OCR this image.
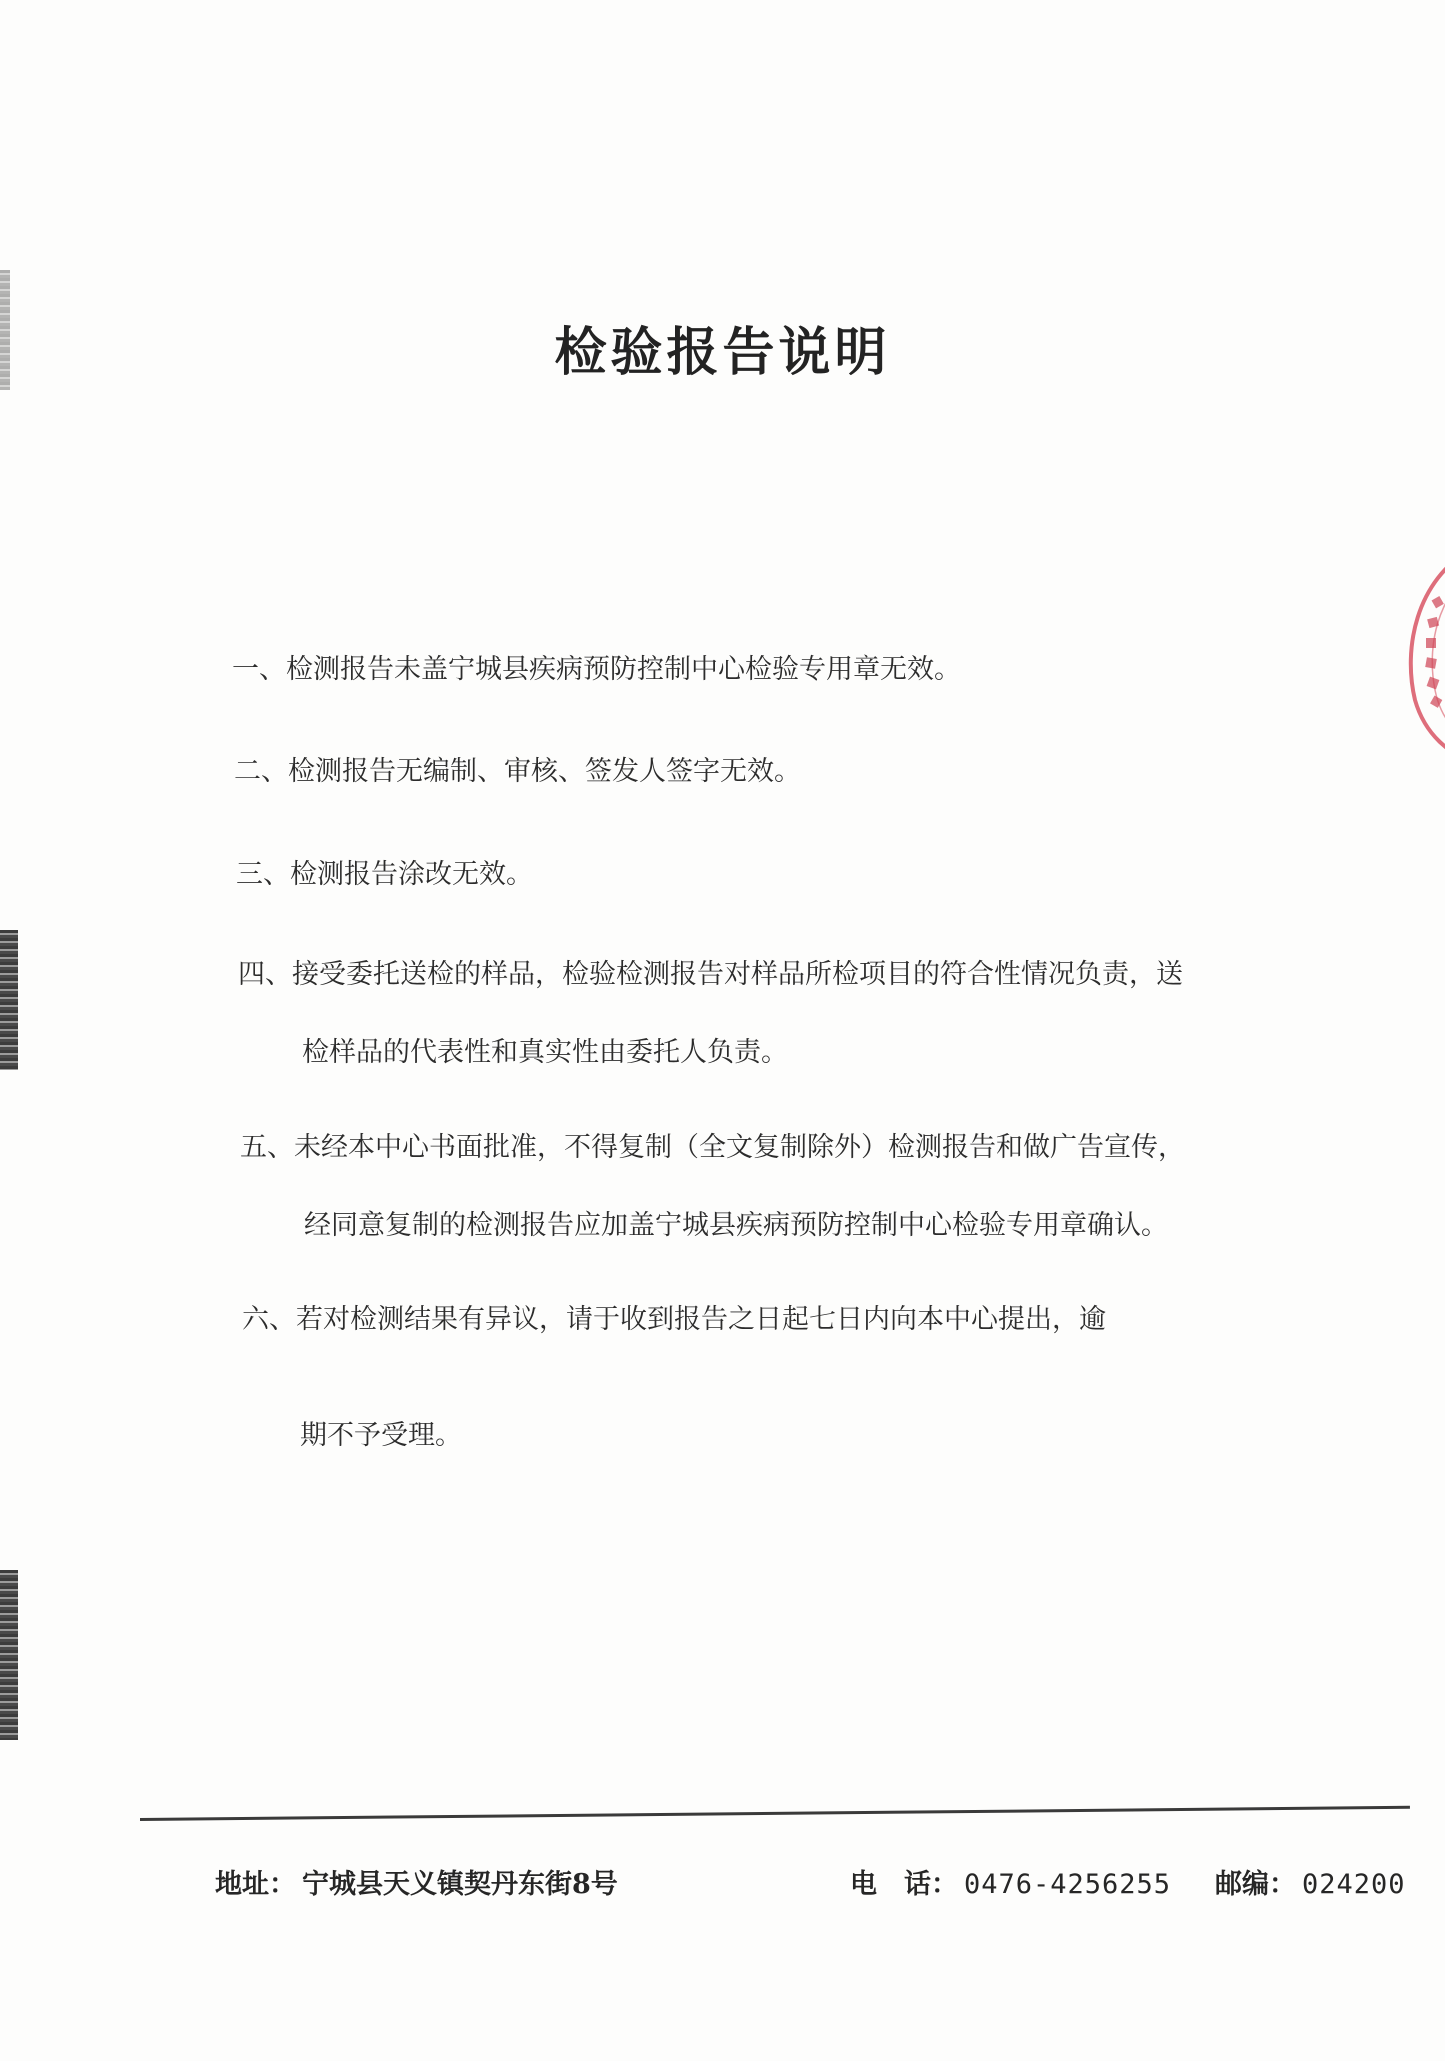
检验报告说明
一、检测报告未盖宁城县疾病预防控制中心检验专用章无效。
二、检测报告无编制、审核、签发人签字无效。
三、检测报告涂改无效。
四、接受委托送检的样品，检验检测报告对样品所检项目的符合性情况负责，送
检样品的代表性和真实性由委托人负责。
五、未经本中心书面批准，不得复制（全文复制除外）检测报告和做广告宣传，
经同意复制的检测报告应加盖宁城县疾病预防控制中心检验专用章确认。
六、若对检测结果有异议，请于收到报告之日起七日内向本中心提出，逾
期不予受理。
地址： 宁城县天义镇契丹东街8号	电　话： 0476-4256255 邮编： 024200
